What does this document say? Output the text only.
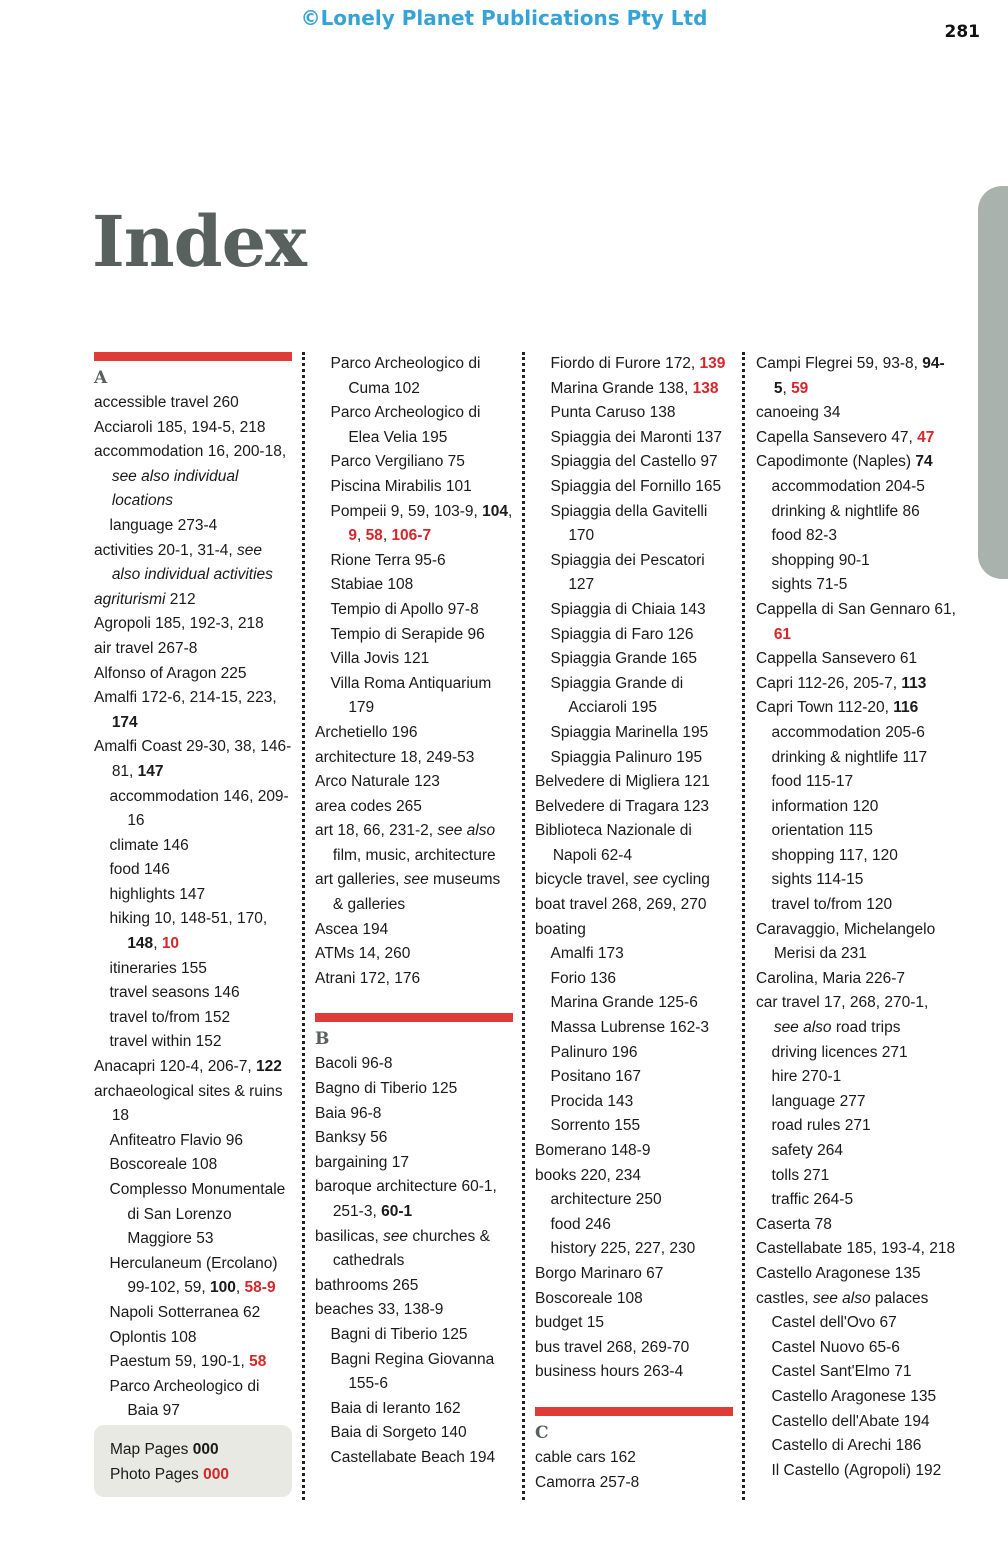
©Lonely Planet Publications Pty Ltd
281
Index
A
accessible travel 260
Acciaroli 185, 194-5, 218
accommodation 16, 200-18, see also individual locations
language 273-4
activities 20-1, 31-4, see also individual activities
agriturismi 212
Agropoli 185, 192-3, 218
air travel 267-8
Alfonso of Aragon 225
Amalfi 172-6, 214-15, 223, 174
Amalfi Coast 29-30, 38, 146-81, 147
accommodation 146, 209-16
climate 146
food 146
highlights 147
hiking 10, 148-51, 170, 148, 10
itineraries 155
travel seasons 146
travel to/from 152
travel within 152
Anacapri 120-4, 206-7, 122
archaeological sites & ruins 18
Anfiteatro Flavio 96
Boscoreale 108
Complesso Monumentale di San Lorenzo Maggiore 53
Herculaneum (Ercolano) 99-102, 59, 100, 58-9
Napoli Sotterranea 62
Oplontis 108
Paestum 59, 190-1, 58
Parco Archeologico di Baia 97
Parco Archeologico di Cuma 102
Parco Archeologico di Elea Velia 195
Parco Vergiliano 75
Piscina Mirabilis 101
Pompeii 9, 59, 103-9, 104, 9, 58, 106-7
Rione Terra 95-6
Stabiae 108
Tempio di Apollo 97-8
Tempio di Serapide 96
Villa Jovis 121
Villa Roma Antiquarium 179
Archetiello 196
architecture 18, 249-53
Arco Naturale 123
area codes 265
art 18, 66, 231-2, see also film, music, architecture
art galleries, see museums & galleries
Ascea 194
ATMs 14, 260
Atrani 172, 176
B
Bacoli 96-8
Bagno di Tiberio 125
Baia 96-8
Banksy 56
bargaining 17
baroque architecture 60-1, 251-3, 60-1
basilicas, see churches & cathedrals
bathrooms 265
beaches 33, 138-9
Bagni di Tiberio 125
Bagni Regina Giovanna 155-6
Baia di Ieranto 162
Baia di Sorgeto 140
Castellabate Beach 194
Fiordo di Furore 172, 139
Marina Grande 138, 138
Punta Caruso 138
Spiaggia dei Maronti 137
Spiaggia del Castello 97
Spiaggia del Fornillo 165
Spiaggia della Gavitelli 170
Spiaggia dei Pescatori 127
Spiaggia di Chiaia 143
Spiaggia di Faro 126
Spiaggia Grande 165
Spiaggia Grande di Acciaroli 195
Spiaggia Marinella 195
Spiaggia Palinuro 195
Belvedere di Migliera 121
Belvedere di Tragara 123
Biblioteca Nazionale di Napoli 62-4
bicycle travel, see cycling
boat travel 268, 269, 270
boating
Amalfi 173
Forio 136
Marina Grande 125-6
Massa Lubrense 162-3
Palinuro 196
Positano 167
Procida 143
Sorrento 155
Bomerano 148-9
books 220, 234
architecture 250
food 246
history 225, 227, 230
Borgo Marinaro 67
Boscoreale 108
budget 15
bus travel 268, 269-70
business hours 263-4
C
cable cars 162
Camorra 257-8
Campi Flegrei 59, 93-8, 94-5, 59
canoeing 34
Capella Sansevero 47, 47
Capodimonte (Naples) 74
accommodation 204-5
drinking & nightlife 86
food 82-3
shopping 90-1
sights 71-5
Cappella di San Gennaro 61, 61
Cappella Sansevero 61
Capri 112-26, 205-7, 113
Capri Town 112-20, 116
accommodation 205-6
drinking & nightlife 117
food 115-17
information 120
orientation 115
shopping 117, 120
sights 114-15
travel to/from 120
Caravaggio, Michelangelo Merisi da 231
Carolina, Maria 226-7
car travel 17, 268, 270-1, see also road trips
driving licences 271
hire 270-1
language 277
road rules 271
safety 264
tolls 271
traffic 264-5
Caserta 78
Castellabate 185, 193-4, 218
Castello Aragonese 135
castles, see also palaces
Castel dell'Ovo 67
Castel Nuovo 65-6
Castel Sant'Elmo 71
Castello Aragonese 135
Castello dell'Abate 194
Castello di Arechi 186
Il Castello (Agropoli) 192
Map Pages 000
Photo Pages 000
